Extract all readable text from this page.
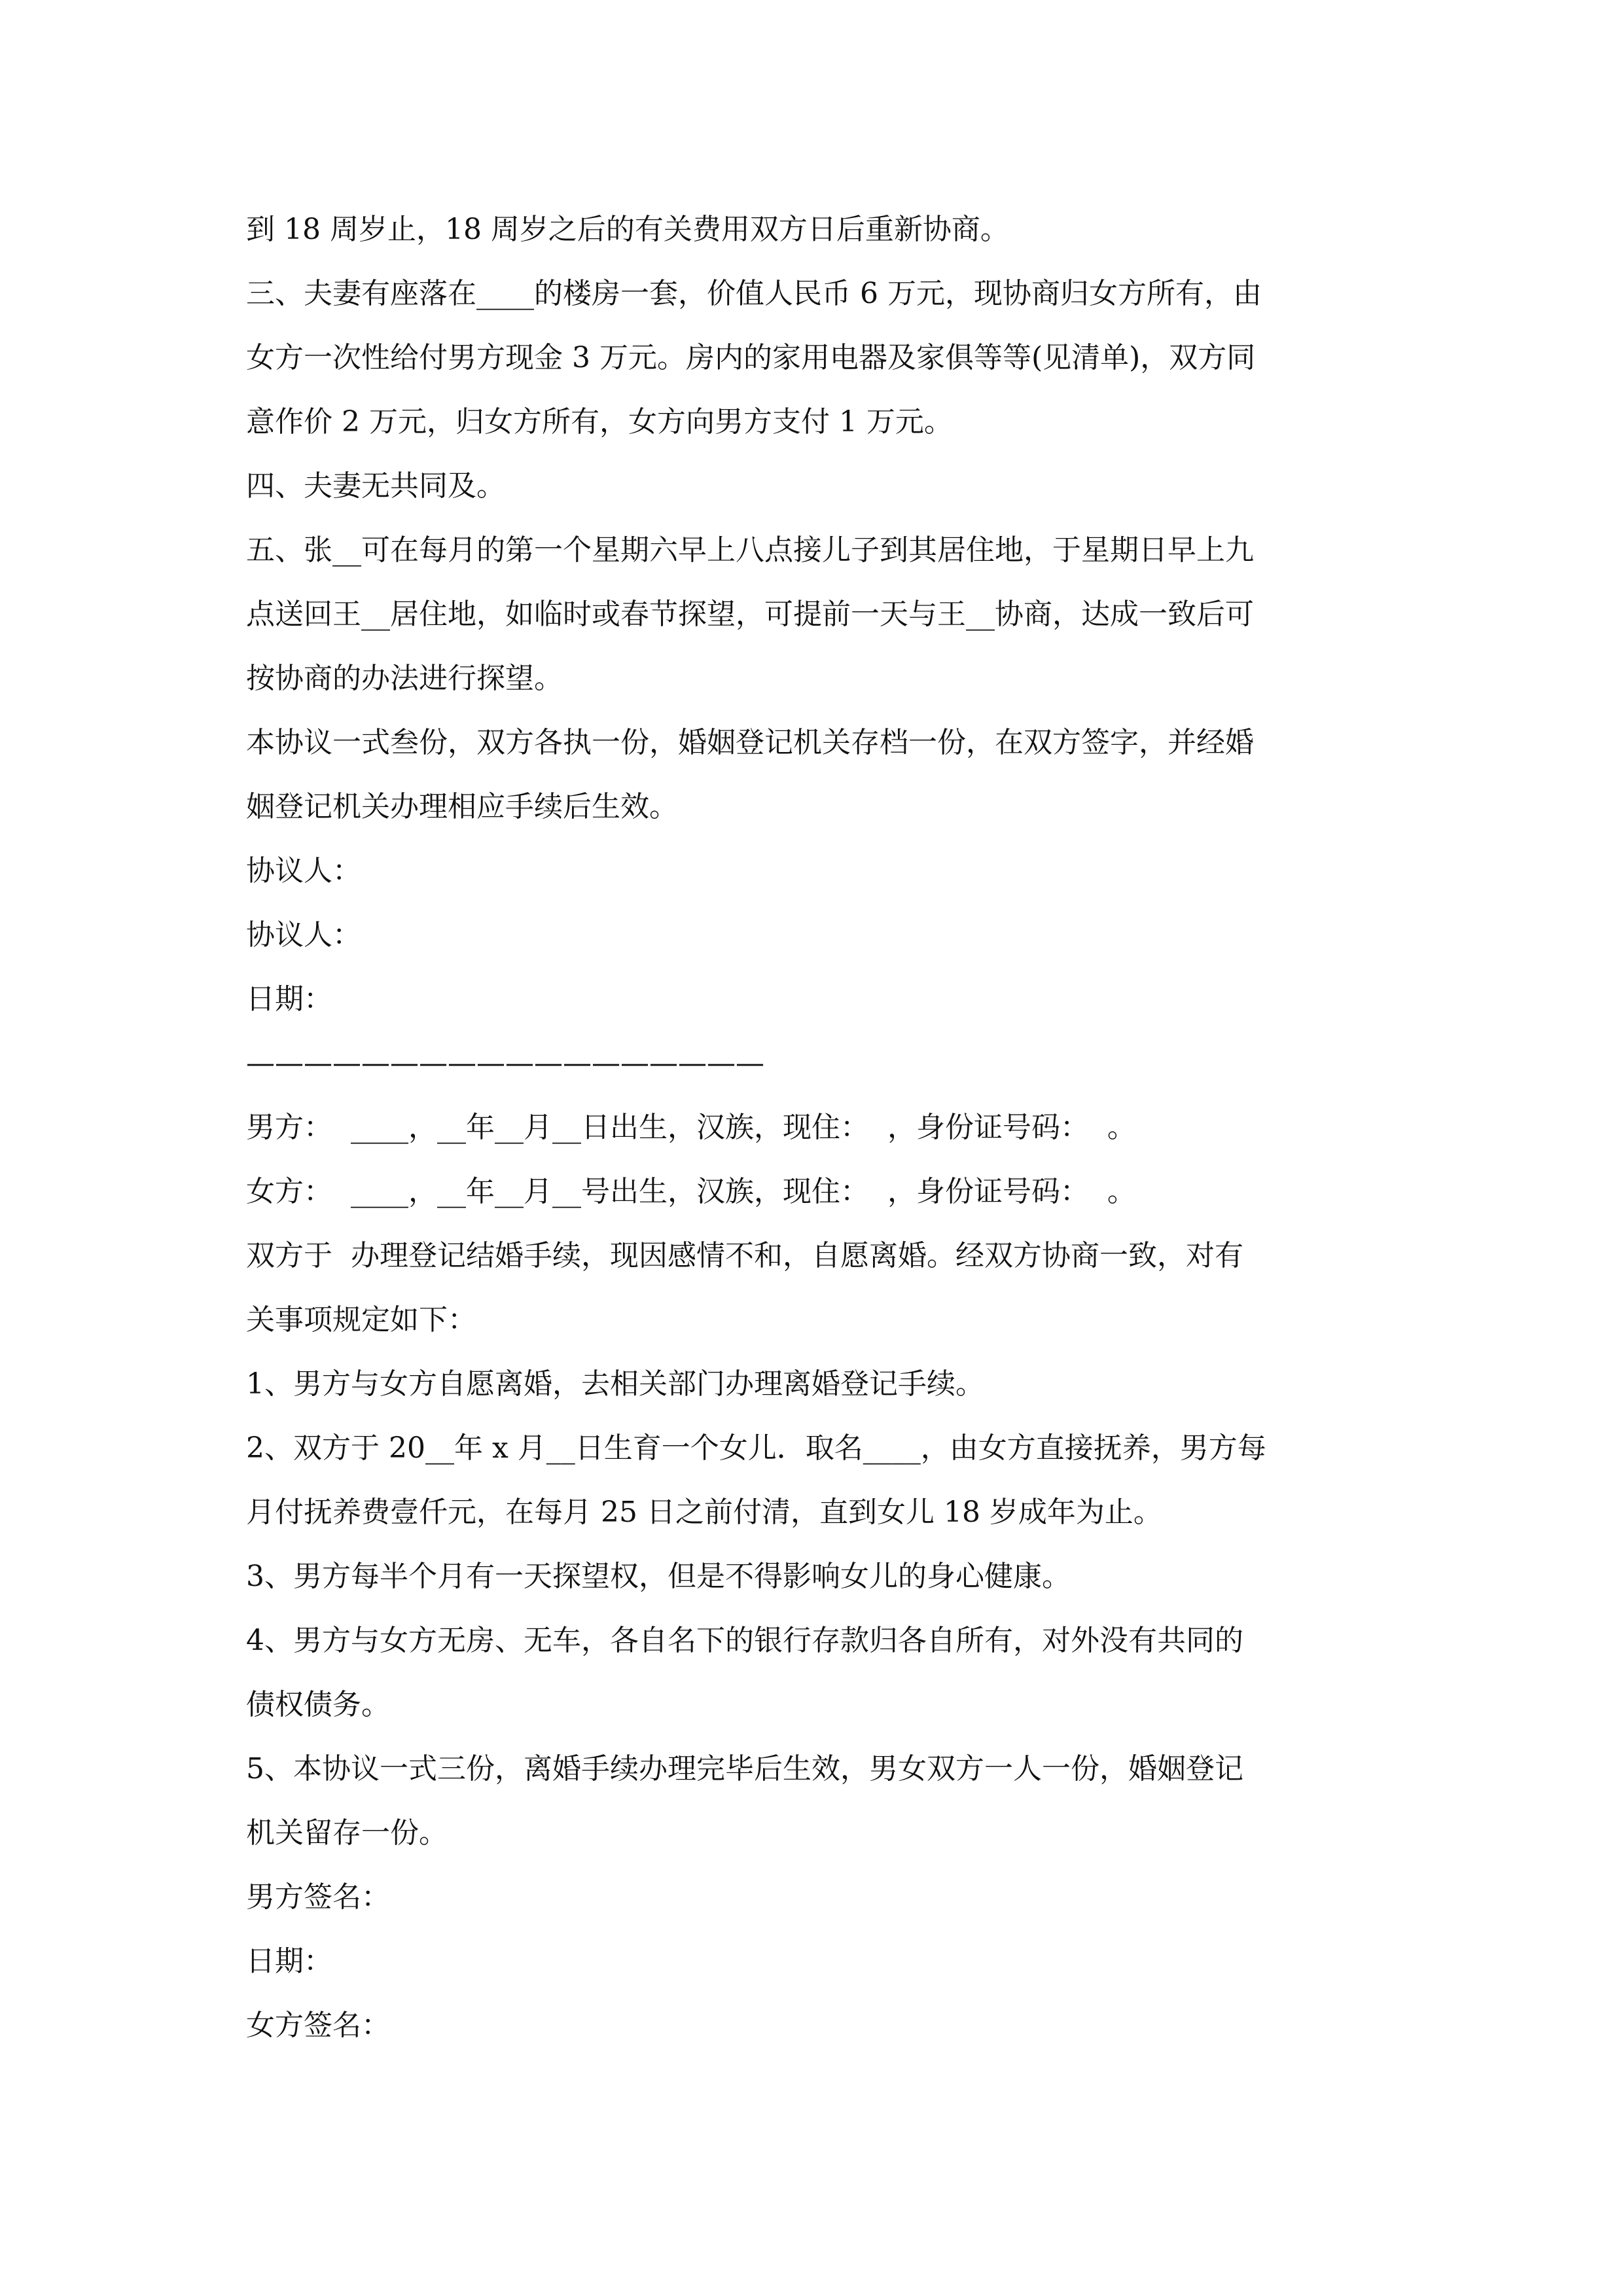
到 18 周岁止，18 周岁之后的有关费用双方日后重新协商。
三、夫妻有座落在____的楼房一套，价值人民币 6 万元，现协商归女方所有，由
女方一次性给付男方现金 3 万元。房内的家用电器及家俱等等(见清单)，双方同
意作价 2 万元，归女方所有，女方向男方支付 1 万元。
四、夫妻无共同及。
五、张__可在每月的第一个星期六早上八点接儿子到其居住地，于星期日早上九
点送回王__居住地，如临时或春节探望，可提前一天与王__协商，达成一致后可
按协商的办法进行探望。
本协议一式叁份，双方各执一份，婚姻登记机关存档一份，在双方签字，并经婚
姻登记机关办理相应手续后生效。
协议人：
协议人：
日期：
——————————————————
男方：  ____，__年__月__日出生，汉族，现住：  ，身份证号码：  。
女方：  ____，__年__月__号出生，汉族，现住：  ，身份证号码：  。
双方于  办理登记结婚手续，现因感情不和，自愿离婚。经双方协商一致，对有
关事项规定如下：
1、男方与女方自愿离婚，去相关部门办理离婚登记手续。
2、双方于 20__年 x 月__日生育一个女儿．取名____，由女方直接抚养，男方每
月付抚养费壹仟元，在每月 25 日之前付清，直到女儿 18 岁成年为止。
3、男方每半个月有一天探望权，但是不得影响女儿的身心健康。
4、男方与女方无房、无车，各自名下的银行存款归各自所有，对外没有共同的
债权债务。
5、本协议一式三份，离婚手续办理完毕后生效，男女双方一人一份，婚姻登记
机关留存一份。
男方签名：
日期：
女方签名：
